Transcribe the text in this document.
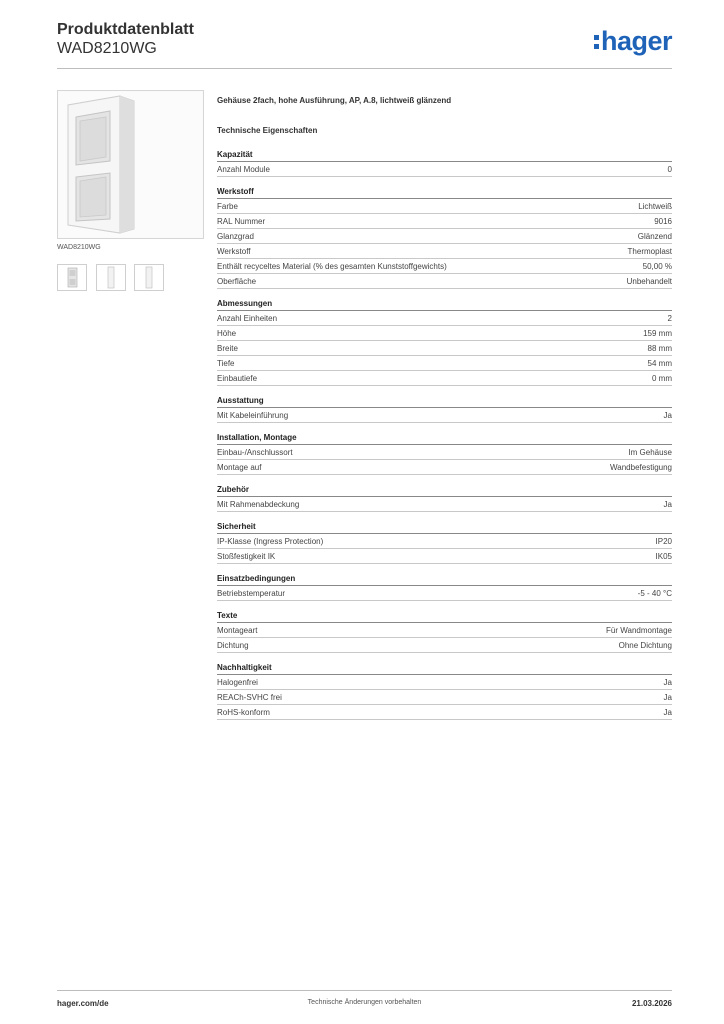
Produktdatenblatt
WAD8210WG	hager
WAD8210WG
Gehäuse 2fach, hohe Ausführung, AP, A.8, lichtweiß glänzend
Technische Eigenschaften
Kapazität
Anzahl Module	0
Werkstoff
Farbe	Lichtweiß
RAL Nummer	9016
Glanzgrad	Glänzend
Werkstoff	Thermoplast
Enthält recyceltes Material (% des gesamten Kunststoffgewichts)	50,00 %
Oberfläche	Unbehandelt
Abmessungen
Anzahl Einheiten	2
Höhe	159 mm
Breite	88 mm
Tiefe	54 mm
Einbautiefe	0 mm
Ausstattung
Mit Kabeleinführung	Ja
Installation, Montage
Einbau-/Anschlussort	Im Gehäuse
Montage auf	Wandbefestigung
Zubehör
Mit Rahmenabdeckung	Ja
Sicherheit
IP-Klasse (Ingress Protection)	IP20
Stoßfestigkeit IK	IK05
Einsatzbedingungen
Betriebstemperatur	-5 - 40 °C
Texte
Montageart	Für Wandmontage
Dichtung	Ohne Dichtung
Nachhaltigkeit
Halogenfrei	Ja
REACh-SVHC frei	Ja
RoHS-konform	Ja
hager.com/de	Technische Änderungen vorbehalten	21.03.2026
